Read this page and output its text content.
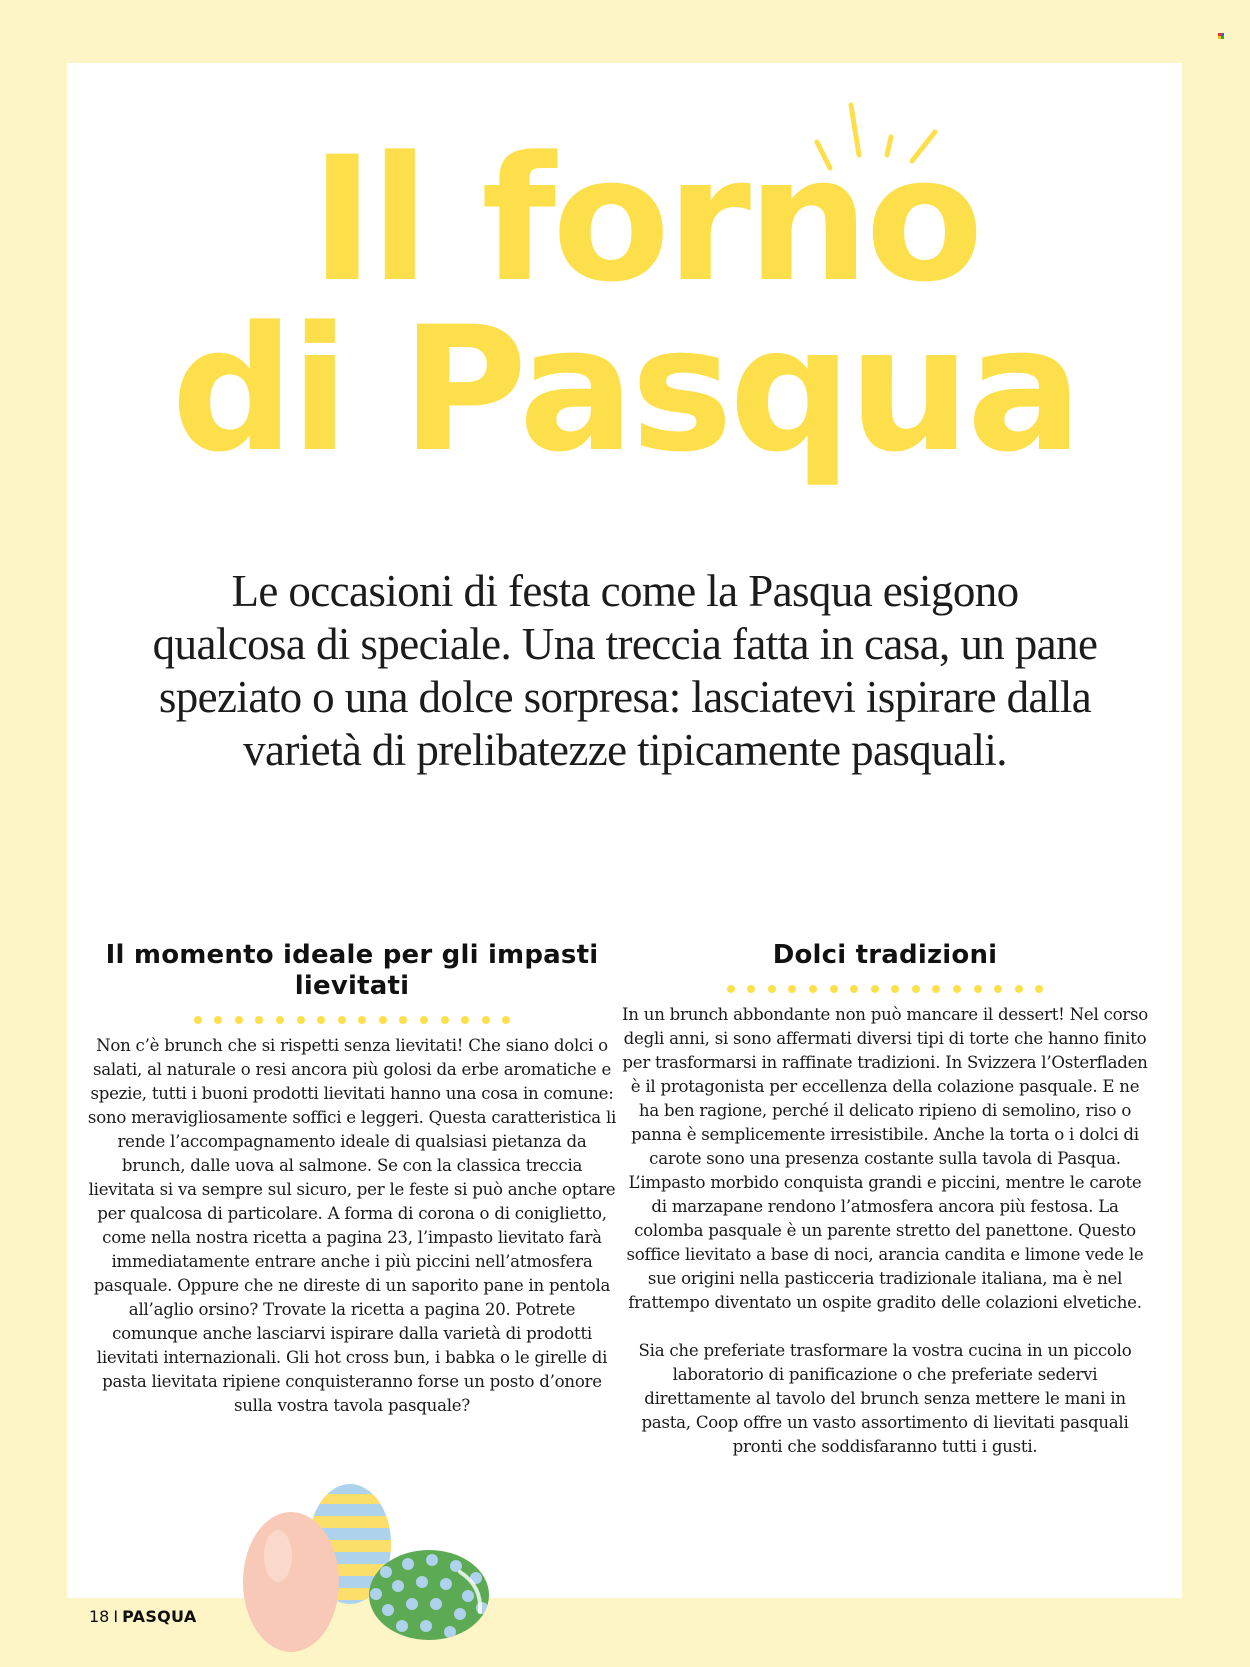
Il forno
di Pasqua

Le occasioni di festa come la Pasqua esigono qualcosa di speciale. Una treccia fatta in casa, un pane speziato o una dolce sorpresa: lasciatevi ispirare dalla varietà di prelibatezze tipicamente pasquali.

Il momento ideale per gli impasti lievitati

Non c’è brunch che si rispetti senza lievitati! Che siano dolci o salati, al naturale o resi ancora più golosi da erbe aromatiche e spezie, tutti i buoni prodotti lievitati hanno una cosa in comune: sono meravigliosamente soffici e leggeri. Questa caratteristica li rende l’accompagnamento ideale di qualsiasi pietanza da brunch, dalle uova al salmone. Se con la classica treccia lievitata si va sempre sul sicuro, per le feste si può anche optare per qualcosa di particolare. A forma di corona o di coniglietto, come nella nostra ricetta a pagina 23, l’impasto lievitato farà immediatamente entrare anche i più piccini nell’atmosfera pasquale. Oppure che ne direste di un saporito pane in pentola all’aglio orsino? Trovate la ricetta a pagina 20. Potrete comunque anche lasciarvi ispirare dalla varietà di prodotti lievitati internazionali. Gli hot cross bun, i babka o le girelle di pasta lievitata ripiene conquisteranno forse un posto d’onore sulla vostra tavola pasquale?

Dolci tradizioni

In un brunch abbondante non può mancare il dessert! Nel corso degli anni, si sono affermati diversi tipi di torte che hanno finito per trasformarsi in raffinate tradizioni. In Svizzera l’Osterfladen è il protagonista per eccellenza della colazione pasquale. E ne ha ben ragione, perché il delicato ripieno di semolino, riso o panna è semplicemente irresistibile. Anche la torta o i dolci di carote sono una presenza costante sulla tavola di Pasqua. L’impasto morbido conquista grandi e piccini, mentre le carote di marzapane rendono l’atmosfera ancora più festosa. La colomba pasquale è un parente stretto del panettone. Questo soffice lievitato a base di noci, arancia candita e limone vede le sue origini nella pasticceria tradizionale italiana, ma è nel frattempo diventato un ospite gradito delle colazioni elvetiche.

Sia che preferiate trasformare la vostra cucina in un piccolo laboratorio di panificazione o che preferiate sedervi direttamente al tavolo del brunch senza mettere le mani in pasta, Coop offre un vasto assortimento di lievitati pasquali pronti che soddisfaranno tutti i gusti.

18 I PASQUA
